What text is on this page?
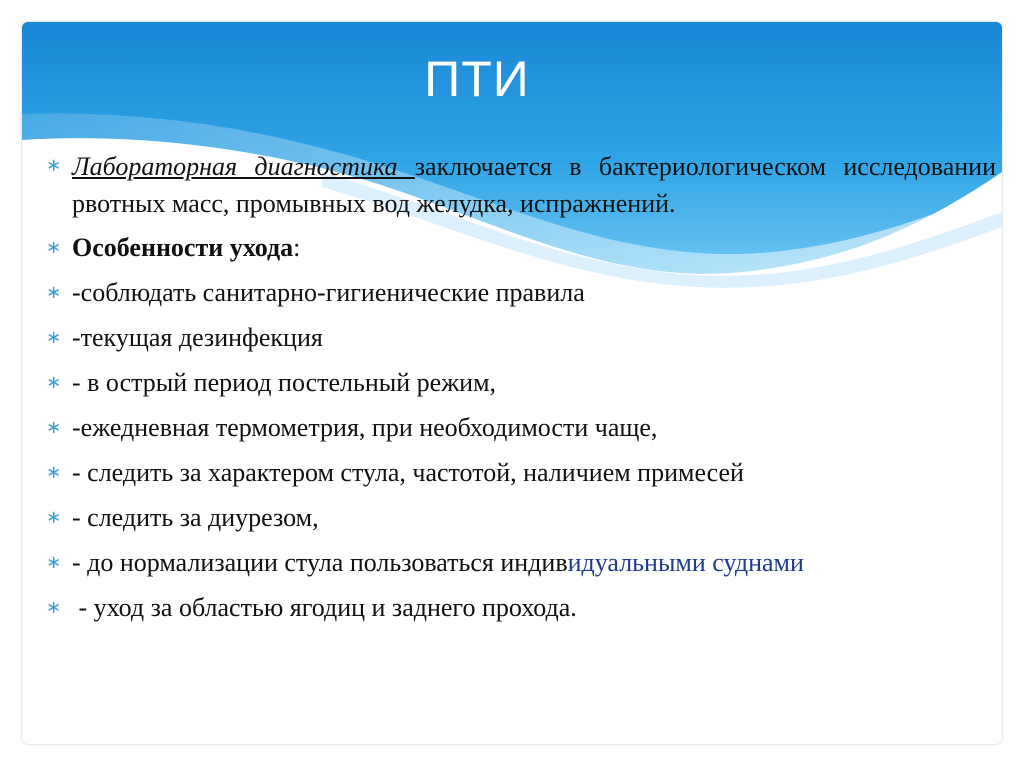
ПТИ
∗ Лабораторная диагностика заключается в бактериологическом исследовании рвотных масс, промывных вод желудка, испражнений.
∗ Особенности ухода:
∗ -соблюдать санитарно-гигиенические правила
∗ -текущая дезинфекция
∗ - в острый период постельный режим,
∗ -ежедневная термометрия, при необходимости чаще,
∗ - следить за характером стула, частотой, наличием примесей
∗ - следить за диурезом,
∗ - до нормализации стула пользоваться индивидуальными суднами
∗ - уход за областью ягодиц и заднего прохода.
